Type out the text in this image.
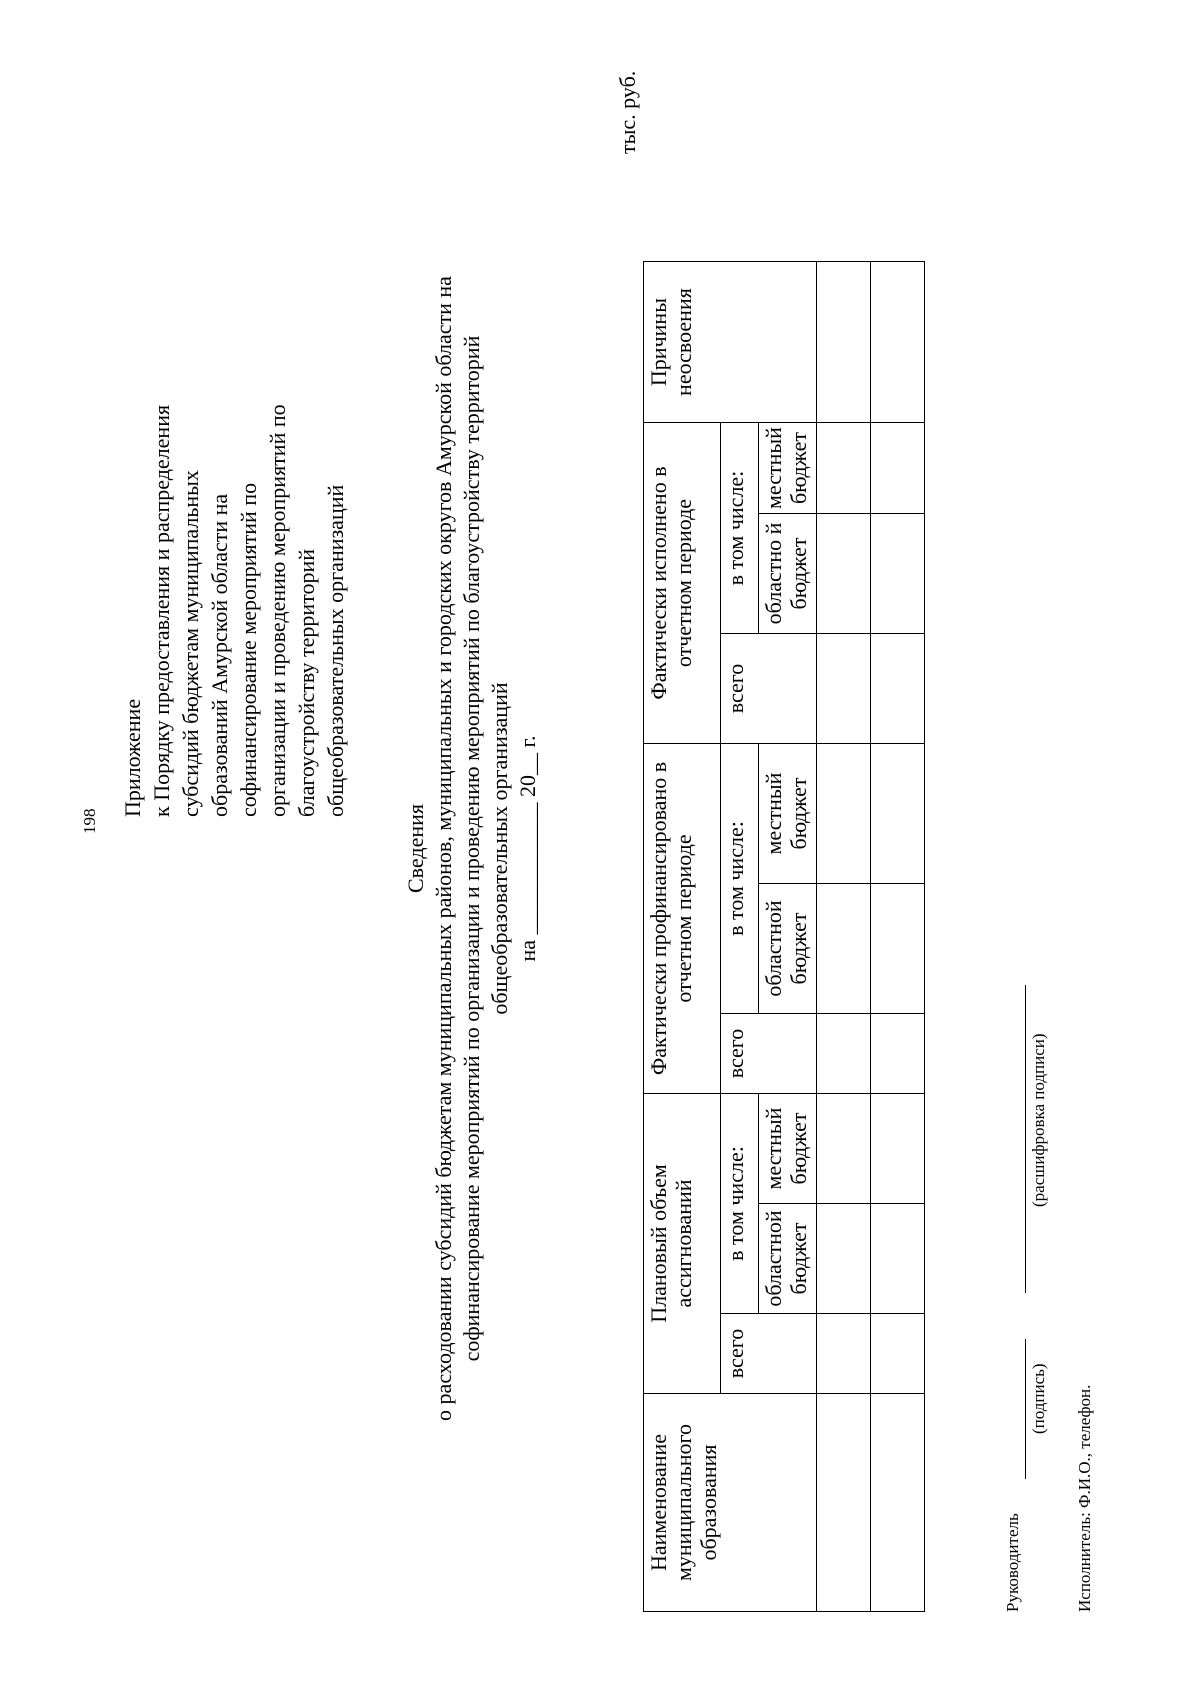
198
Приложение к Порядку предоставления и распределения субсидий бюджетам муниципальных образований Амурской области на софинансирование мероприятий по организации и проведению мероприятий по благоустройству территорий общеобразовательных организаций
Сведения о расходовании субсидий бюджетам муниципальных районов, муниципальных и городских округов Амурской области на софинансирование мероприятий по организации и проведению мероприятий по благоустройству территорий общеобразовательных организаций на ____________ 20__ г.
тыс. руб.
Наименование муниципального образования	Плановый объем ассигнований			Фактически профинансировано в отчетном периоде			Фактически исполнено в отчетном периоде			Причины неосвоения
	всего	в том числе:		всего	в том числе:		всего	в том числе:		
		областной бюджет	местный бюджет		областной бюджет	местный бюджет		областно й бюджет	местный бюджет	

Руководитель
(подпись)
(расшифровка подписи)
Исполнитель: Ф.И.О., телефон.
